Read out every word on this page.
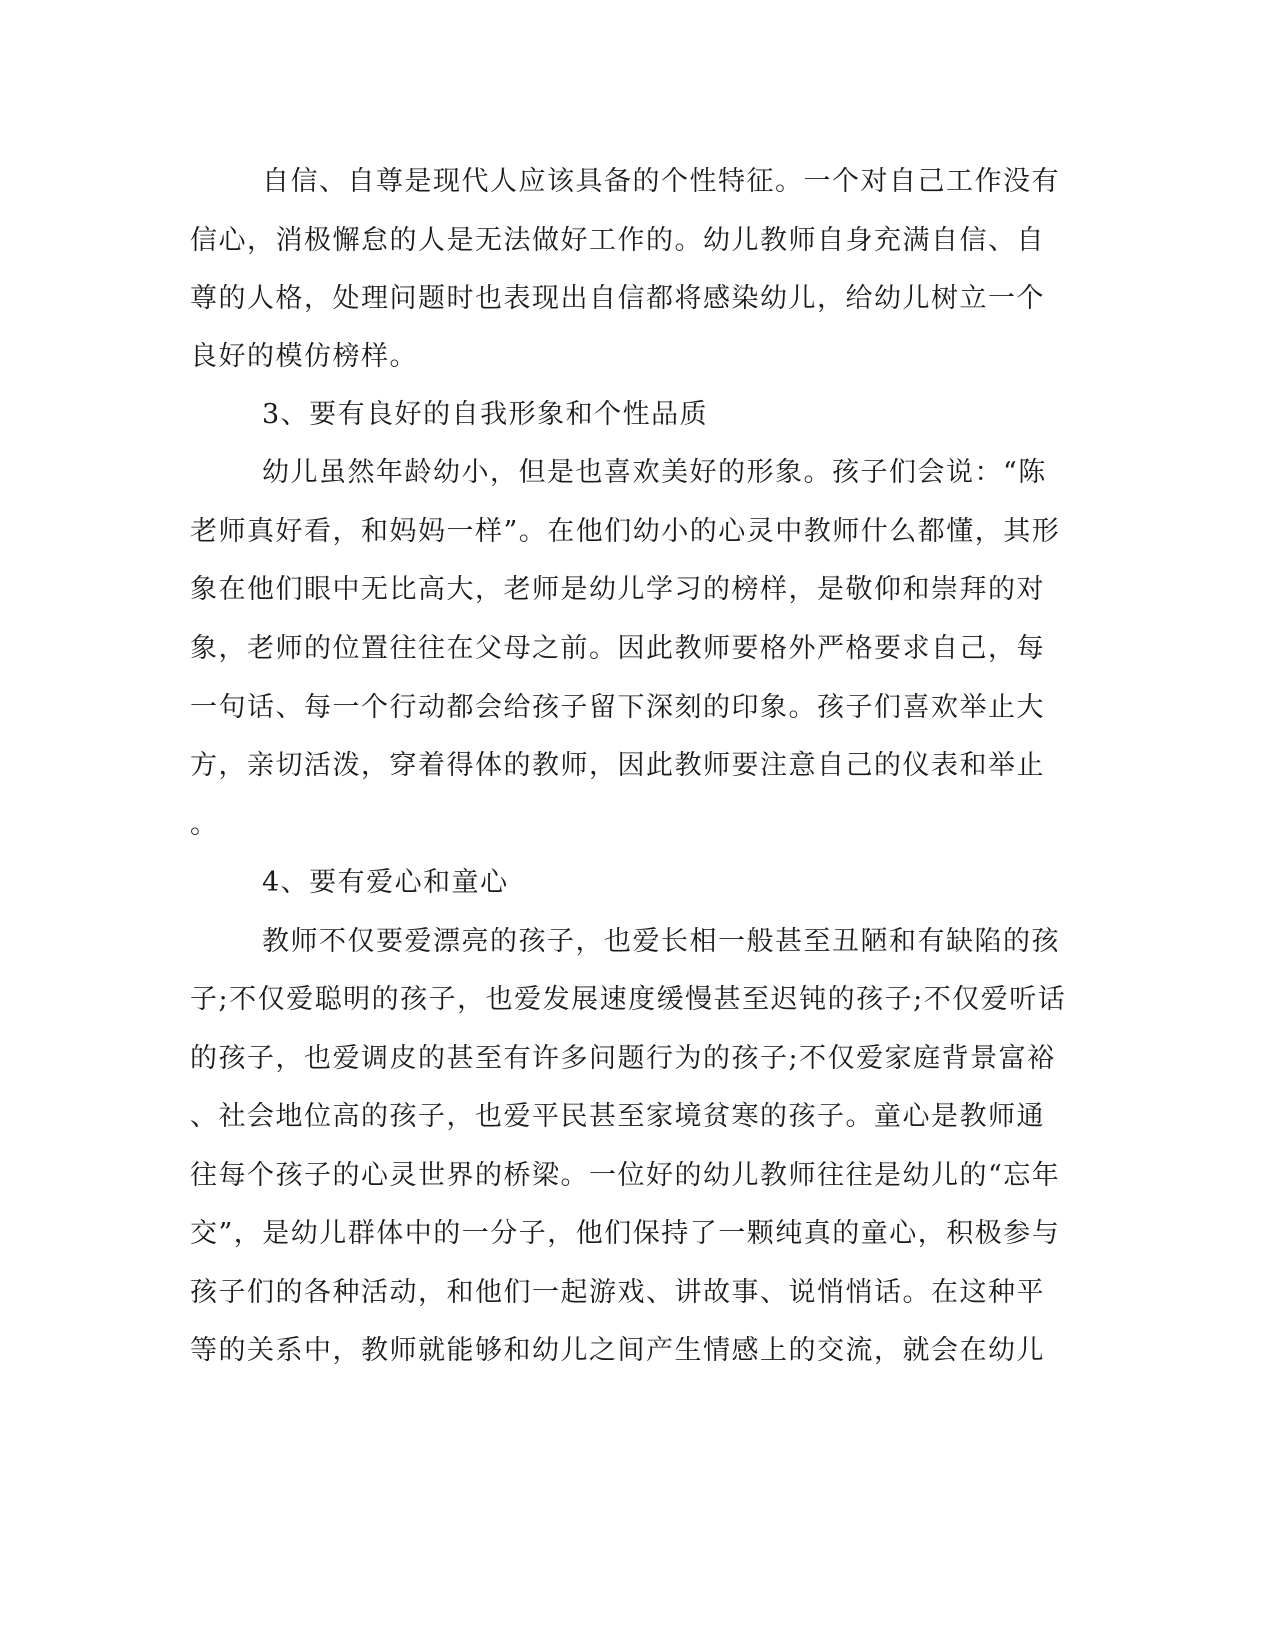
自信、自尊是现代人应该具备的个性特征。一个对自己工作没有
信心，消极懈怠的人是无法做好工作的。幼儿教师自身充满自信、自
尊的人格，处理问题时也表现出自信都将感染幼儿，给幼儿树立一个
良好的模仿榜样。
3、要有良好的自我形象和个性品质
幼儿虽然年龄幼小，但是也喜欢美好的形象。孩子们会说：“陈
老师真好看，和妈妈一样”。在他们幼小的心灵中教师什么都懂，其形
象在他们眼中无比高大，老师是幼儿学习的榜样，是敬仰和崇拜的对
象，老师的位置往往在父母之前。因此教师要格外严格要求自己，每
一句话、每一个行动都会给孩子留下深刻的印象。孩子们喜欢举止大
方，亲切活泼，穿着得体的教师，因此教师要注意自己的仪表和举止
。
4、要有爱心和童心
教师不仅要爱漂亮的孩子，也爱长相一般甚至丑陋和有缺陷的孩
子;不仅爱聪明的孩子，也爱发展速度缓慢甚至迟钝的孩子;不仅爱听话
的孩子，也爱调皮的甚至有许多问题行为的孩子;不仅爱家庭背景富裕
、社会地位高的孩子，也爱平民甚至家境贫寒的孩子。童心是教师通
往每个孩子的心灵世界的桥梁。一位好的幼儿教师往往是幼儿的“忘年
交”，是幼儿群体中的一分子，他们保持了一颗纯真的童心，积极参与
孩子们的各种活动，和他们一起游戏、讲故事、说悄悄话。在这种平
等的关系中，教师就能够和幼儿之间产生情感上的交流，就会在幼儿
